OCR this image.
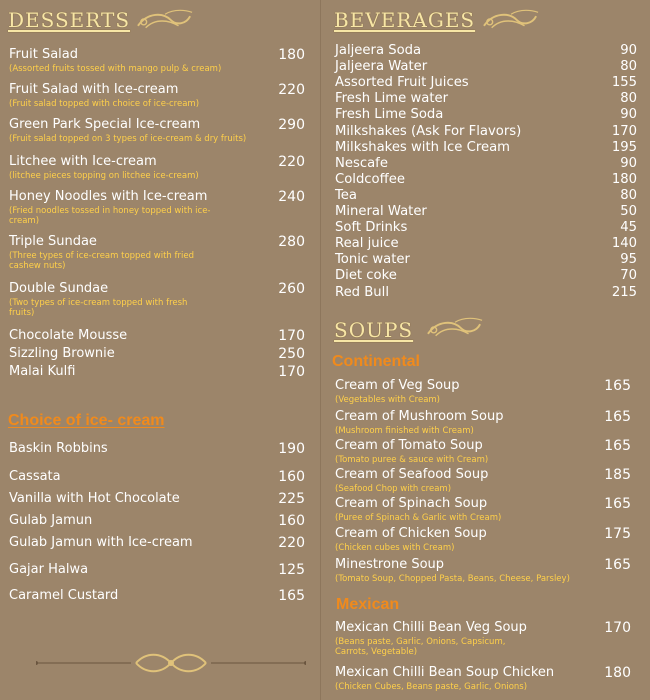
DESSERTS
Fruit Salad	180
(Assorted fruits tossed with mango pulp & cream)
Fruit Salad with Ice-cream	220
(Fruit salad topped with choice of ice-cream)
Green Park Special Ice-cream	290
(Fruit salad topped on 3 types of ice-cream & dry fruits)
Litchee with Ice-cream	220
(litchee pieces topping on litchee ice-cream)
Honey Noodles with Ice-cream	240
(Fried noodles tossed in honey topped with ice-cream)
Triple Sundae	280
(Three types of ice-cream topped with fried cashew nuts)
Double Sundae	260
(Two types of ice-cream topped with fresh fruits)
Chocolate Mousse	170
Sizzling Brownie	250
Malai Kulfi	170
Choice of ice- cream
Baskin Robbins	190
Cassata	160
Vanilla with Hot Chocolate	225
Gulab Jamun	160
Gulab Jamun with Ice-cream	220
Gajar Halwa	125
Caramel Custard	165
BEVERAGES
Jaljeera Soda	90
Jaljeera Water	80
Assorted Fruit Juices	155
Fresh Lime water	80
Fresh Lime Soda	90
Milkshakes (Ask For Flavors)	170
Milkshakes with Ice Cream	195
Nescafe	90
Coldcoffee	180
Tea	80
Mineral Water	50
Soft Drinks	45
Real juice	140
Tonic water	95
Diet coke	70
Red Bull	215
SOUPS
Continental
Cream of Veg Soup	165
(Vegetables with Cream)
Cream of Mushroom Soup	165
(Mushroom finished with Cream)
Cream of Tomato Soup	165
(Tomato puree & sauce with Cream)
Cream of Seafood Soup	185
(Seafood Chop with cream)
Cream of Spinach Soup	165
(Puree of Spinach & Garlic with Cream)
Cream of Chicken Soup	175
(Chicken cubes with Cream)
Minestrone Soup	165
(Tomato Soup, Chopped Pasta, Beans, Cheese, Parsley)
Mexican
Mexican Chilli Bean Veg Soup	170
(Beans paste, Garlic, Onions, Capsicum, Carrots, Vegetable)
Mexican Chilli Bean Soup Chicken	180
(Chicken Cubes, Beans paste, Garlic, Onions)
